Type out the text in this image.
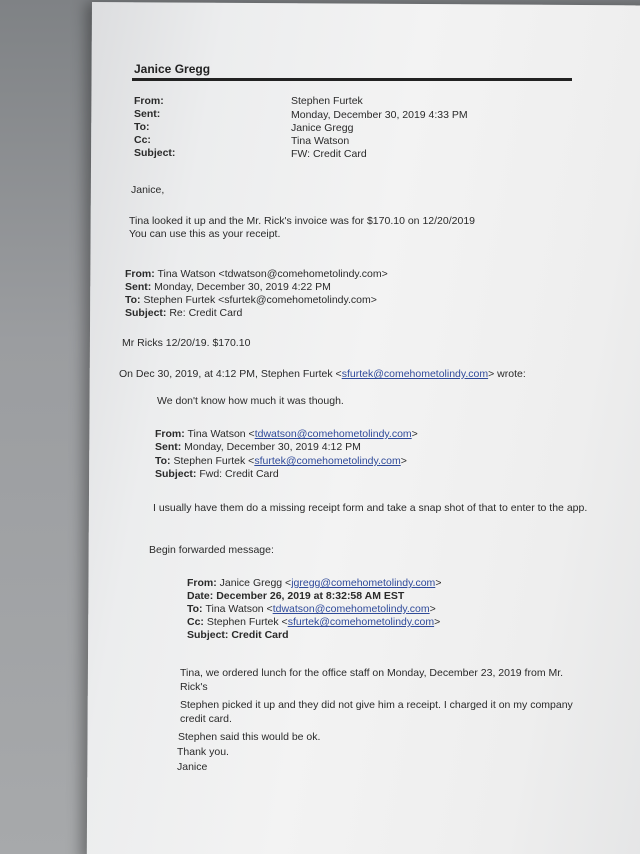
Janice Gregg
From:	Stephen Furtek
Sent:	Monday, December 30, 2019 4:33 PM
To:	Janice Gregg
Cc:	Tina Watson
Subject:	FW: Credit Card
Janice,
Tina looked it up and the Mr. Rick's invoice was for $170.10 on 12/20/2019
You can use this as your receipt.
From: Tina Watson <tdwatson@comehometolindy.com>
Sent: Monday, December 30, 2019 4:22 PM
To: Stephen Furtek <sfurtek@comehometolindy.com>
Subject: Re: Credit Card
Mr Ricks 12/20/19. $170.10
On Dec 30, 2019, at 4:12 PM, Stephen Furtek <sfurtek@comehometolindy.com> wrote:
We don't know how much it was though.
From: Tina Watson <tdwatson@comehometolindy.com>
Sent: Monday, December 30, 2019 4:12 PM
To: Stephen Furtek <sfurtek@comehometolindy.com>
Subject: Fwd: Credit Card
I usually have them do a missing receipt form and take a snap shot of that to enter to the app.
Begin forwarded message:
From: Janice Gregg <jgregg@comehometolindy.com>
Date: December 26, 2019 at 8:32:58 AM EST
To: Tina Watson <tdwatson@comehometolindy.com>
Cc: Stephen Furtek <sfurtek@comehometolindy.com>
Subject: Credit Card
Tina, we ordered lunch for the office staff on Monday, December 23, 2019 from Mr.
Rick's
Stephen picked it up and they did not give him a receipt. I charged it on my company
credit card.
Stephen said this would be ok.
Thank you.
Janice
